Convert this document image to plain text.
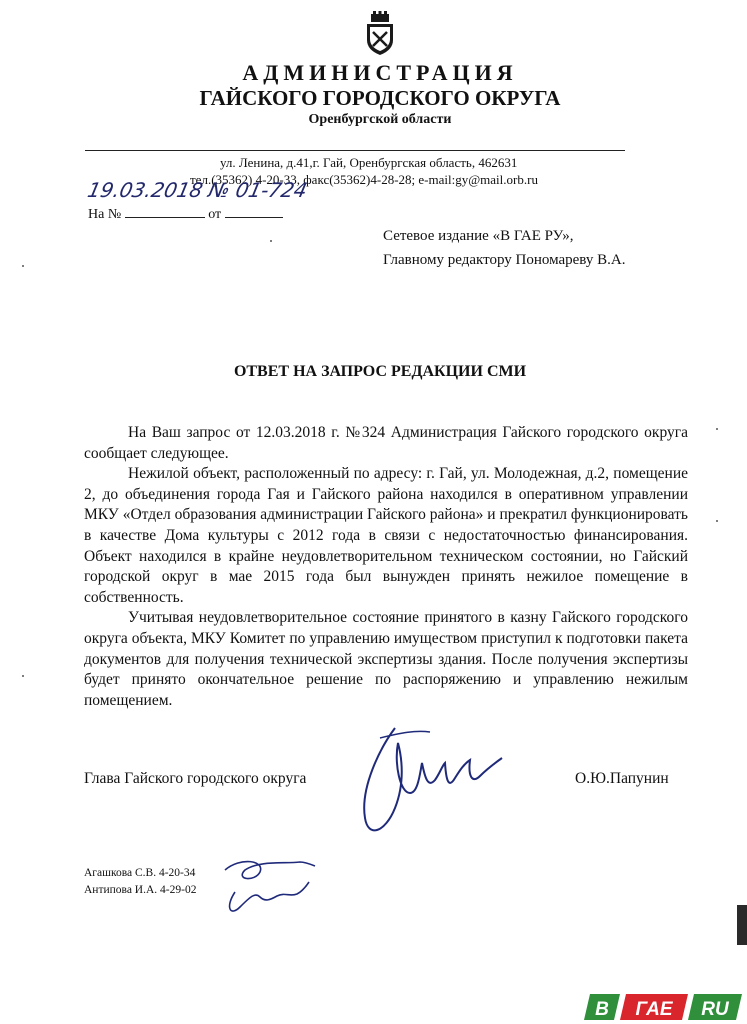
АДМИНИСТРАЦИЯ
ГАЙСКОГО ГОРОДСКОГО ОКРУГА
Оренбургской области
ул. Ленина, д.41,г. Гай, Оренбургская область, 462631
тел.(35362) 4-20-33, факс(35362)4-28-28; e-mail:gy@mail.orb.ru
19.03.2018 № 01-724
На №	от
Сетевое издание «В ГАЕ РУ»,
Главному редактору Пономареву В.А.
ОТВЕТ НА ЗАПРОС РЕДАКЦИИ СМИ

На Ваш запрос от 12.03.2018 г. №324 Администрация Гайского городского округа сообщает следующее.

Нежилой объект, расположенный по адресу: г. Гай, ул. Молодежная, д.2, помещение 2, до объединения города Гая и Гайского района находился в оперативном управлении МКУ «Отдел образования администрации Гайского района» и прекратил функционировать в качестве Дома культуры с 2012 года в связи с недостаточностью финансирования. Объект находился в крайне неудовлетворительном техническом состоянии, но Гайский городской округ в мае 2015 года был вынужден принять нежилое помещение в собственность.

Учитывая неудовлетворительное состояние принятого в казну Гайского городского округа объекта, МКУ Комитет по управлению имуществом приступил к подготовки пакета документов для получения технической экспертизы здания. После получения экспертизы будет принято окончательное решение по распоряжению и управлению нежилым помещением.

Глава Гайского городского округа	О.Ю.Папунин
Агашкова С.В. 4-20-34
Антипова И.А. 4-29-02
В ГАЕ RU
